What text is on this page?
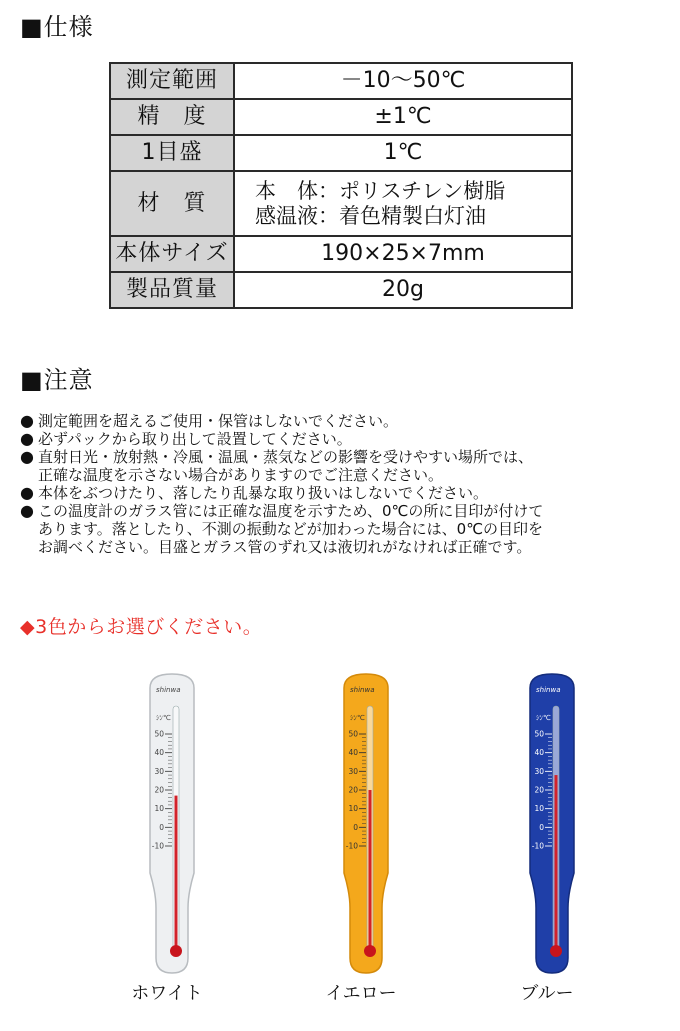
■仕様
測定範囲	－10～50℃
精　度	±1℃
1目盛	1℃
材　質	本　体：ポリスチレン樹脂
感温液：着色精製白灯油

本体サイズ	190×25×7mm
製品質量	20g
■注意
● 測定範囲を超えるご使用・保管はしないでください。
● 必ずパックから取り出して設置してください。
● 直射日光・放射熱・冷風・温風・蒸気などの影響を受けやすい場所では、
正確な温度を示さない場合がありますのでご注意ください。
● 本体をぶつけたり、落したり乱暴な取り扱いはしないでください。
● この温度計のガラス管には正確な温度を示すため、0℃の所に目印が付けて
あります。落としたり、不測の振動などが加わった場合には、0℃の目印を
お調べください。目盛とガラス管のずれ又は液切れがなければ正確です。
◆3色からお選びください。
shinwa
ｼﾝ℃
50
40
30
20
10
0
-10
shinwa
ｼﾝ℃
50
40
30
20
10
0
-10
shinwa
ｼﾝ℃
50
40
30
20
10
0
-10
ホワイト	イエロー	ブルー
